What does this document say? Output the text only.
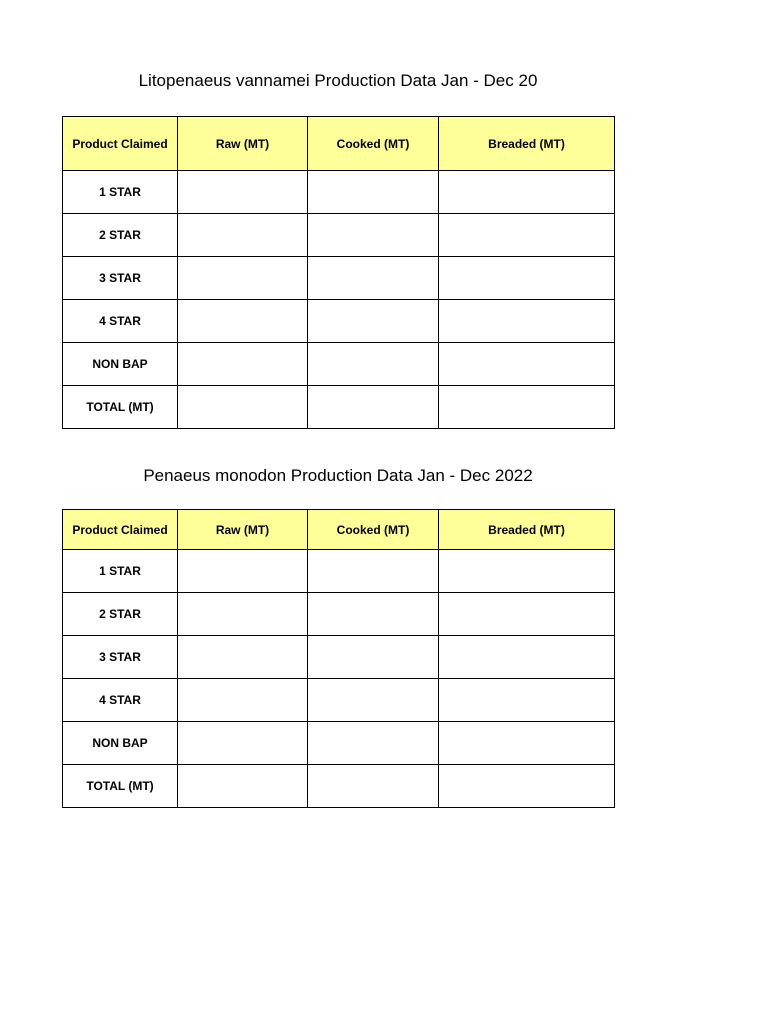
Litopenaeus vannamei Production Data Jan - Dec 20
Product Claimed	Raw (MT)	Cooked (MT)	Breaded (MT)
1 STAR			
2 STAR			
3 STAR			
4 STAR			
NON BAP			
TOTAL (MT)			
Penaeus monodon Production Data Jan - Dec 2022
Product Claimed	Raw (MT)	Cooked (MT)	Breaded (MT)
1 STAR			
2 STAR			
3 STAR			
4 STAR			
NON BAP			
TOTAL (MT)			
